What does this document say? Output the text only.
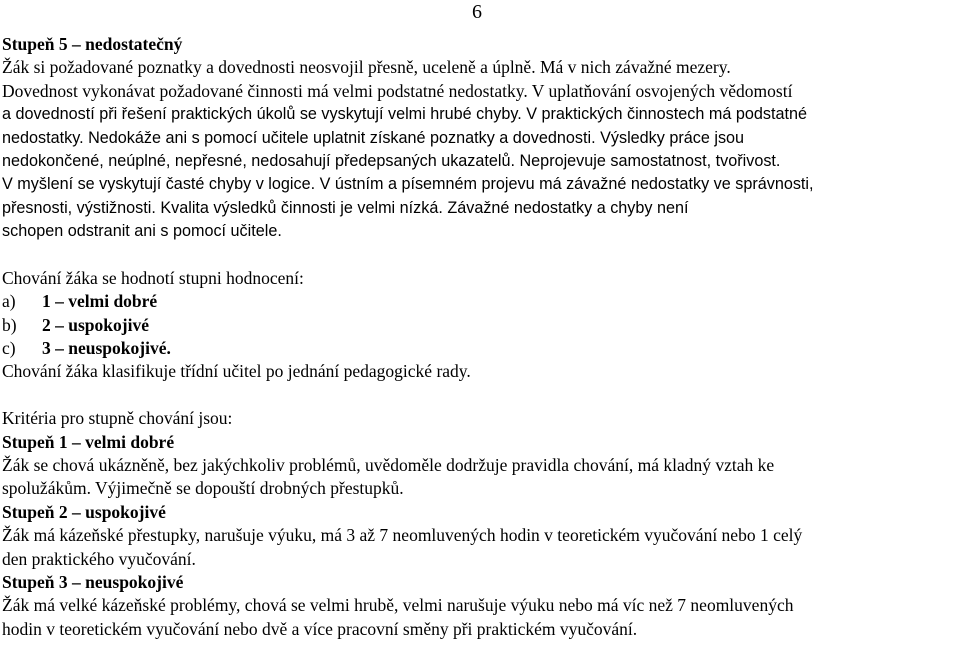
6
Stupeň 5 – nedostatečný
Žák si požadované poznatky a dovednosti neosvojil přesně, uceleně a úplně. Má v nich závažné mezery.
Dovednost vykonávat požadované činnosti má velmi podstatné nedostatky. V uplatňování osvojených vědomostí
a dovedností při řešení praktických úkolů se vyskytují velmi hrubé chyby. V praktických činnostech má podstatné
nedostatky. Nedokáže ani s pomocí učitele uplatnit získané poznatky a dovednosti. Výsledky práce jsou
nedokončené, neúplné, nepřesné, nedosahují předepsaných ukazatelů. Neprojevuje samostatnost, tvořivost.
V myšlení se vyskytují časté chyby v logice. V ústním a písemném projevu má závažné nedostatky ve správnosti,
přesnosti, výstižnosti. Kvalita výsledků činnosti je velmi nízká. Závažné nedostatky a chyby není
schopen odstranit ani s pomocí učitele.
Chování žáka se hodnotí stupni hodnocení:
a) 1 – velmi dobré
b) 2 – uspokojivé
c) 3 – neuspokojivé.
Chování žáka klasifikuje třídní učitel po jednání pedagogické rady.
Kritéria pro stupně chování jsou:
Stupeň 1 – velmi dobré
Žák se chová ukázněně, bez jakýchkoliv problémů, uvědoměle dodržuje pravidla chování, má kladný vztah ke
spolužákům. Výjimečně se dopouští drobných přestupků.
Stupeň 2 – uspokojivé
Žák má kázeňské přestupky, narušuje výuku, má 3 až 7 neomluvených hodin v teoretickém vyučování nebo 1 celý
den praktického vyučování.
Stupeň 3 – neuspokojivé
Žák má velké kázeňské problémy, chová se velmi hrubě, velmi narušuje výuku nebo má víc než 7 neomluvených
hodin v teoretickém vyučování nebo dvě a více pracovní směny při praktickém vyučování.
